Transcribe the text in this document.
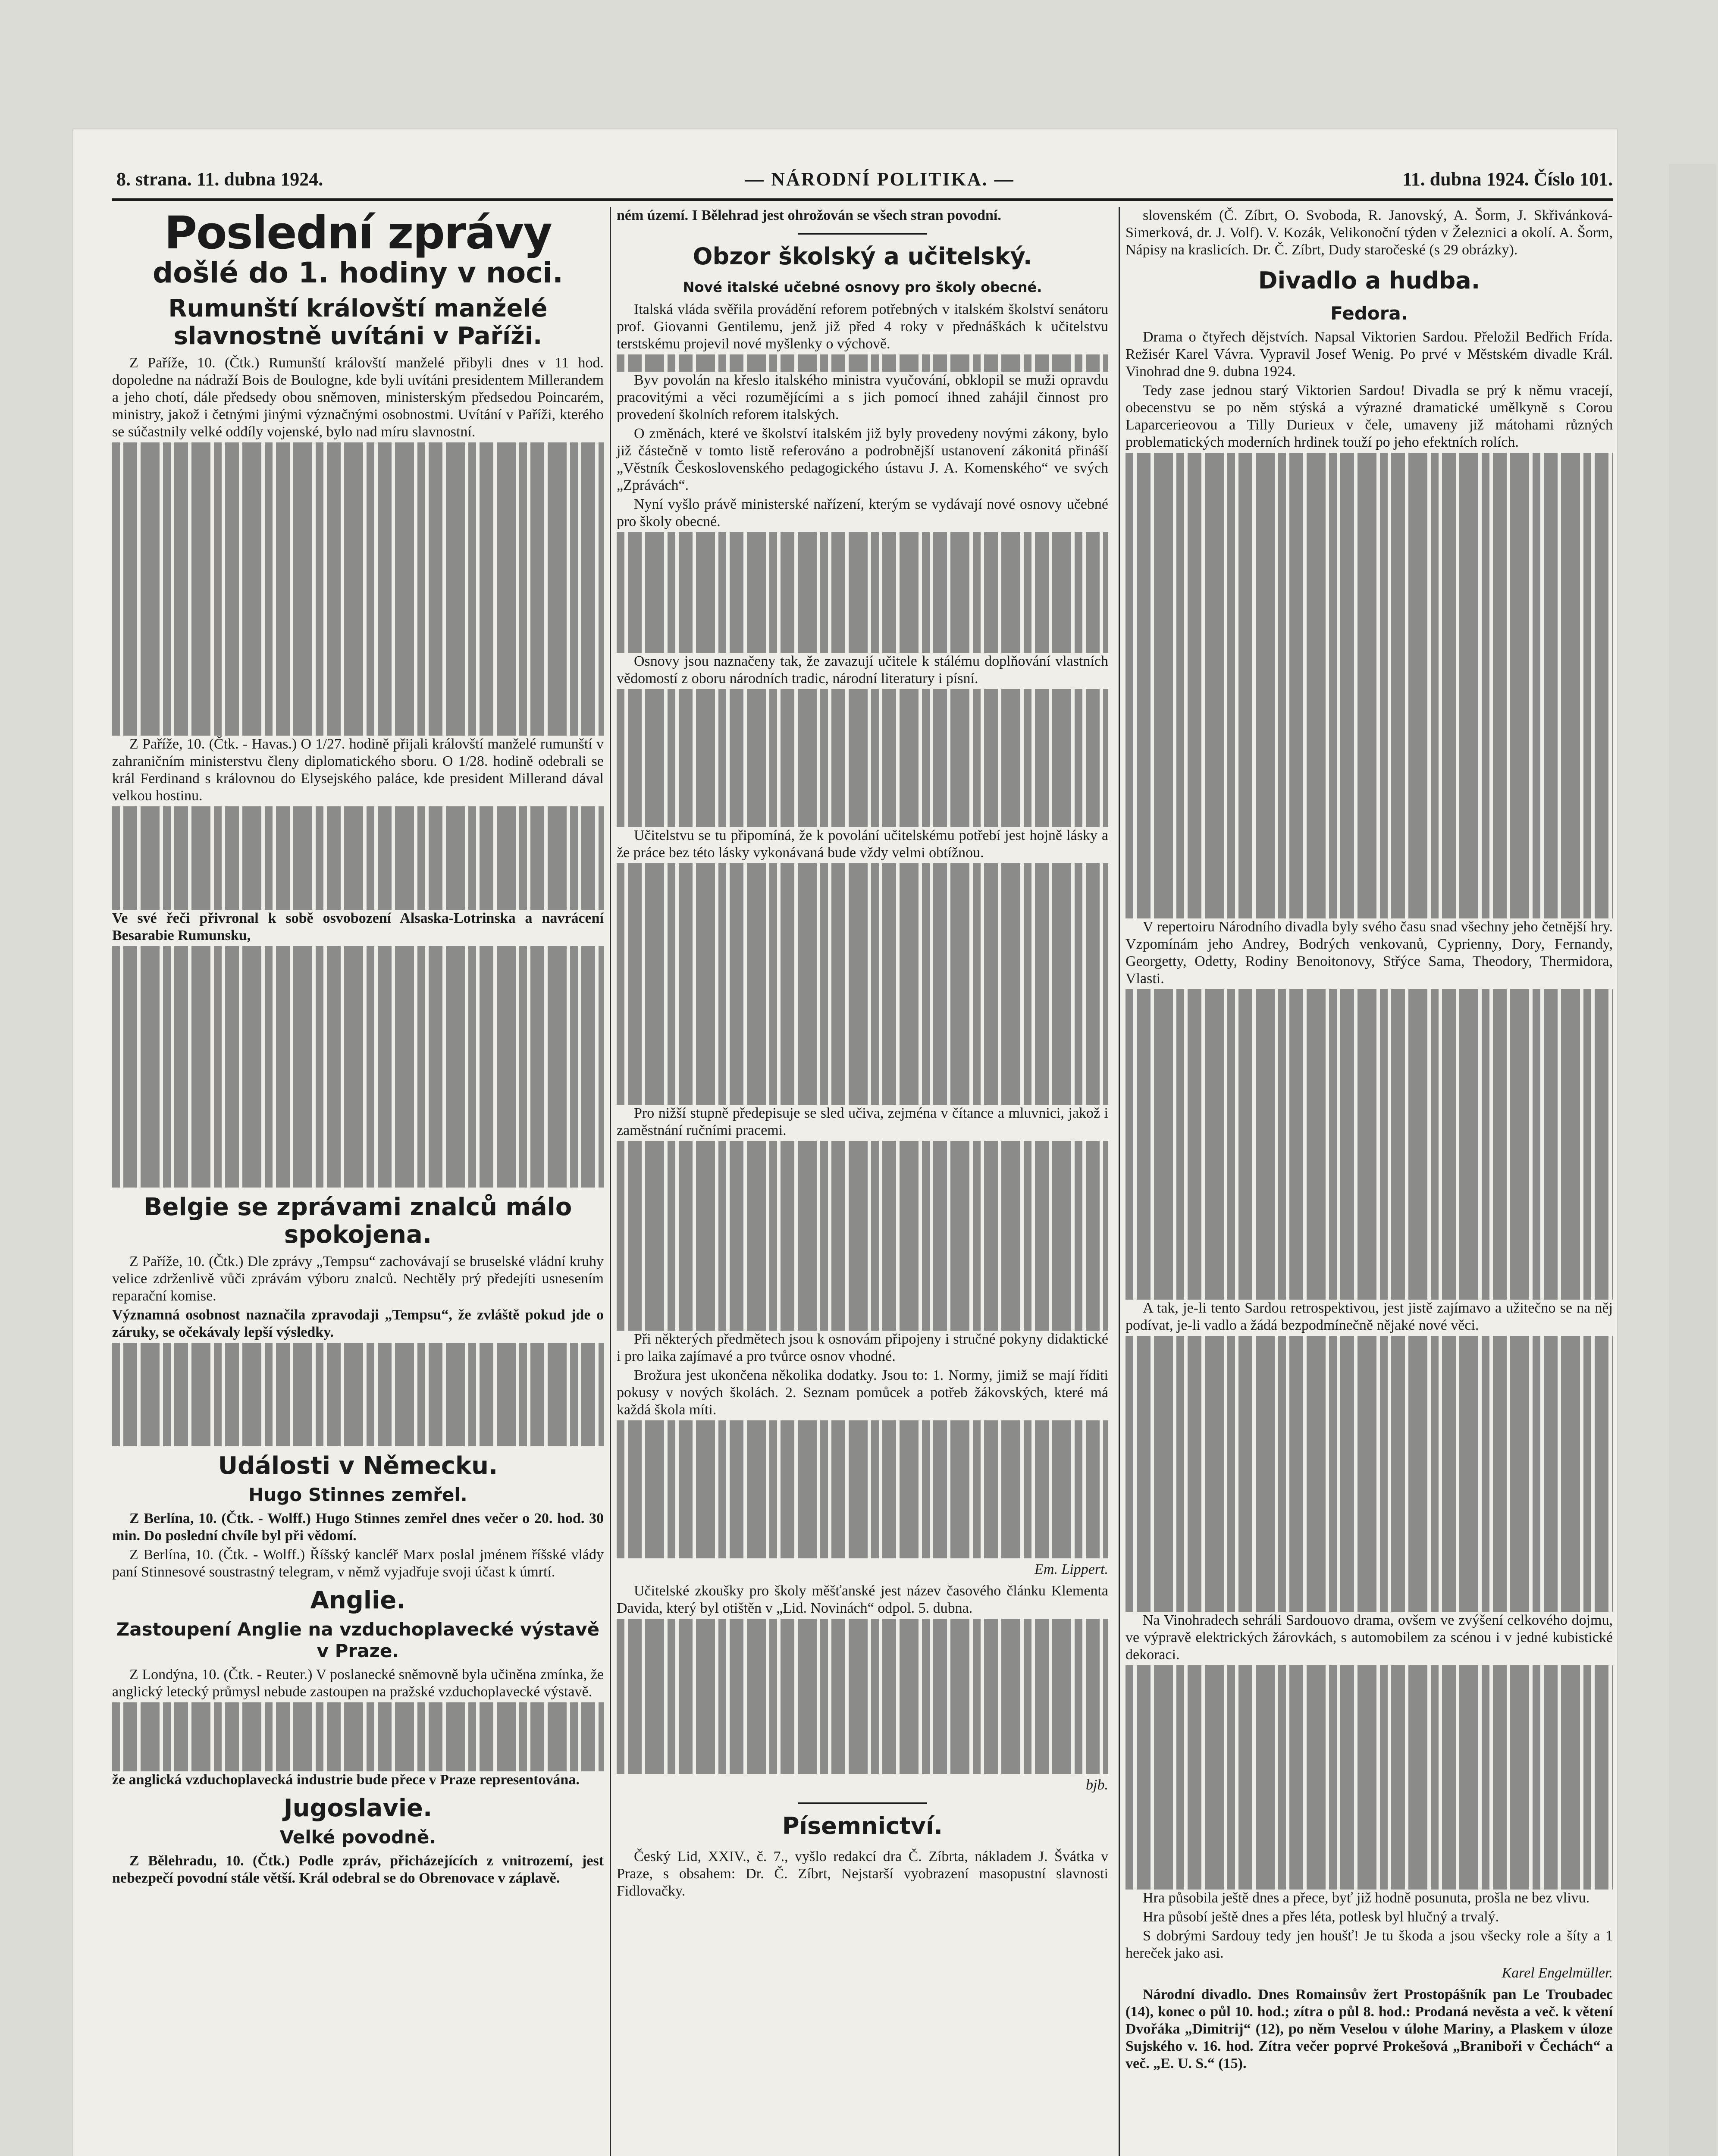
8. strana. 11. dubna 1924.	— NÁRODNÍ POLITIKA. —	11. dubna 1924. Číslo 101.
Poslední zprávy
došlé do 1. hodiny v noci.
Rumunští královští manželé slavnostně uvítáni v Paříži.

Z Paříže, 10. (Čtk.) Rumunští královští manželé přibyli dnes v 11 hod. dopoledne na nádraží Bois de Boulogne, kde byli uvítáni presidentem Millerandem a jeho chotí, dále předsedy obou sněmoven, ministerským předsedou Poincarém, ministry, jakož i četnými jinými význačnými osobnostmi. Uvítání v Paříži, kterého se súčastnily velké oddíly vojenské, bylo nad míru slavnostní.

Z Paříže, 10. (Čtk. - Havas.) O 1/27. hodině přijali královští manželé rumunští v zahraničním ministerstvu členy diplomatického sboru. O 1/28. hodině odebrali se král Ferdinand s královnou do Elysejského paláce, kde president Millerand dával velkou hostinu.

Ve své řeči přivronal k sobě osvobození Alsaska-Lotrinska a navrácení Besarabie Rumunsku,

Belgie se zprávami znalců málo spokojena.

Z Paříže, 10. (Čtk.) Dle zprávy „Tempsu“ zachovávají se bruselské vládní kruhy velice zdrženlivě vůči zprávám výboru znalců. Nechtěly prý předejíti usnesením reparační komise.

Významná osobnost naznačila zpravodaji „Tempsu“, že zvláště pokud jde o záruky, se očekávaly lepší výsledky.

Události v Německu.
Hugo Stinnes zemřel.

Z Berlína, 10. (Čtk. - Wolff.) Hugo Stinnes zemřel dnes večer o 20. hod. 30 min. Do poslední chvíle byl při vědomí.

Z Berlína, 10. (Čtk. - Wolff.) Říšský kancléř Marx poslal jménem říšské vlády paní Stinnesové soustrastný telegram, v němž vyjadřuje svoji účast k úmrtí.

Anglie.
Zastoupení Anglie na vzduchoplavecké výstavě v Praze.

Z Londýna, 10. (Čtk. - Reuter.) V poslanecké sněmovně byla učiněna zmínka, že anglický letecký průmysl nebude zastoupen na pražské vzduchoplavecké výstavě.

že anglická vzduchoplavecká industrie bude přece v Praze representována.

Jugoslavie.
Velké povodně.

Z Bělehradu, 10. (Čtk.) Podle zpráv, přicházejících z vnitrozemí, jest nebezpečí povodní stále větší. Král odebral se do Obrenovace v záplavě.

ném území. I Bělehrad jest ohrožován se všech stran povodní.

Obzor školský a učitelský.
Nové italské učebné osnovy pro školy obecné.

Italská vláda svěřila provádění reforem potřebných v italském školství senátoru prof. Giovanni Gentilemu, jenž již před 4 roky v přednáškách k učitelstvu terstskému projevil nové myšlenky o výchově.

Byv povolán na křeslo italského ministra vyučování, obklopil se muži opravdu pracovitými a věci rozumějícími a s jich pomocí ihned zahájil činnost pro provedení školních reforem italských.

O změnách, které ve školství italském již byly provedeny novými zákony, bylo již částečně v tomto listě referováno a podrobnější ustanovení zákonitá přináší „Věstník Československého pedagogického ústavu J. A. Komenského“ ve svých „Zprávách“.

Nyní vyšlo právě ministerské nařízení, kterým se vydávají nové osnovy učebné pro školy obecné.

Osnovy jsou naznačeny tak, že zavazují učitele k stálému doplňování vlastních vědomostí z oboru národních tradic, národní literatury i písní.

Učitelstvu se tu připomíná, že k povolání učitelskému potřebí jest hojně lásky a že práce bez této lásky vykonávaná bude vždy velmi obtížnou.

Pro nižší stupně předepisuje se sled učiva, zejména v čítance a mluvnici, jakož i zaměstnání ručními pracemi.

Při některých předmětech jsou k osnovám připojeny i stručné pokyny didaktické i pro laika zajímavé a pro tvůrce osnov vhodné.

Brožura jest ukončena několika dodatky. Jsou to: 1. Normy, jimiž se mají říditi pokusy v nových školách. 2. Seznam pomůcek a potřeb žákovských, které má každá škola míti.

Em. Lippert.

Učitelské zkoušky pro školy měšťanské jest název časového článku Klementa Davida, který byl otištěn v „Lid. Novinách“ odpol. 5. dubna.

bjb.
Písemnictví.

Český Lid, XXIV., č. 7., vyšlo redakcí dra Č. Zíbrta, nákladem J. Švátka v Praze, s obsahem: Dr. Č. Zíbrt, Nejstarší vyobrazení masopustní slavnosti Fidlovačky.

slovenském (Č. Zíbrt, O. Svoboda, R. Janovský, A. Šorm, J. Skřivánková-Simerková, dr. J. Volf). V. Kozák, Velikonoční týden v Železnici a okolí. A. Šorm, Nápisy na kraslicích. Dr. Č. Zíbrt, Dudy staročeské (s 29 obrázky).

Divadlo a hudba.
Fedora.

Drama o čtyřech dějstvích. Napsal Viktorien Sardou. Přeložil Bedřich Frída. Režisér Karel Vávra. Vypravil Josef Wenig. Po prvé v Městském divadle Král. Vinohrad dne 9. dubna 1924.

Tedy zase jednou starý Viktorien Sardou! Divadla se prý k němu vracejí, obecenstvu se po něm stýská a výrazné dramatické umělkyně s Corou Laparcerieovou a Tilly Durieux v čele, umaveny již mátohami různých problematických moderních hrdinek touží po jeho efektních rolích.

V repertoiru Národního divadla byly svého času snad všechny jeho četnější hry. Vzpomínám jeho Andrey, Bodrých venkovanů, Cyprienny, Dory, Fernandy, Georgetty, Odetty, Rodiny Benoitonovy, Střýce Sama, Theodory, Thermidora, Vlasti.

A tak, je-li tento Sardou retrospektivou, jest jistě zajímavo a užitečno se na něj podívat, je-li vadlo a žádá bezpodmínečně nějaké nové věci.

Na Vinohradech sehráli Sardouovo drama, ovšem ve zvýšení celkového dojmu, ve výpravě elektrických žárovkách, s automobilem za scénou i v jedné kubistické dekoraci.

Hra působila ještě dnes a přece, byť již hodně posunuta, prošla ne bez vlivu.

Hra působí ještě dnes a přes léta, potlesk byl hlučný a trvalý.

S dobrými Sardouy tedy jen houšť! Je tu škoda a jsou všecky role a šíty a 1 hereček jako asi.

Karel Engelmüller.

Národní divadlo. Dnes Romainsův žert Prostopášník pan Le Troubadec (14), konec o půl 10. hod.; zítra o půl 8. hod.: Prodaná nevěsta a več. k větení Dvořáka „Dimitrij“ (12), po něm Veselou v úlohe Mariny, a Plaskem v úloze Sujského v. 16. hod. Zítra večer poprvé Prokešová „Braniboři v Čechách“ a več. „E. U. S.“ (15).
